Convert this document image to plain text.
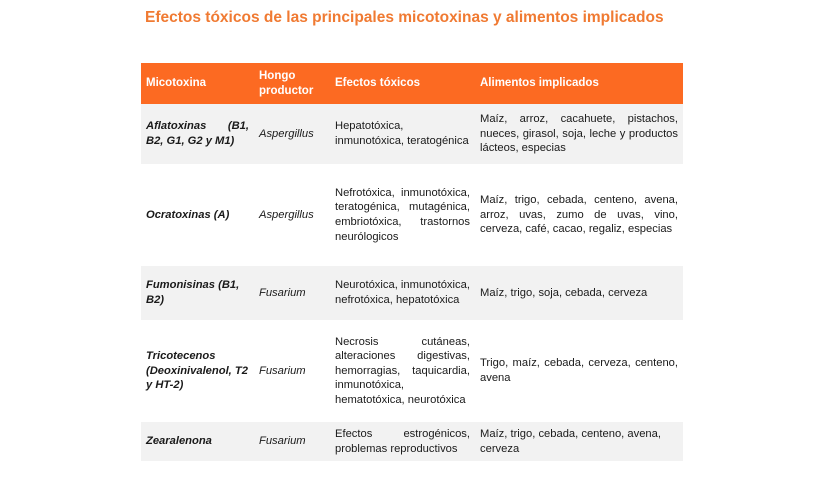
Efectos tóxicos de las principales micotoxinas y alimentos implicados
Micotoxina	Hongo productor	Efectos tóxicos	Alimentos implicados
Aflatoxinas (B1, B2, G1, G2 y M1)	Aspergillus	Hepatotóxica, inmunotóxica, teratogénica	Maíz, arroz, cacahuete, pistachos, nueces, girasol, soja, leche y productos lácteos, especias
Ocratoxinas (A)	Aspergillus	Nefrotóxica, inmunotóxica, teratogénica, mutagénica, embriotóxica, trastornos neurólogicos	Maíz, trigo, cebada, centeno, avena, arroz, uvas, zumo de uvas, vino, cerveza, café, cacao, regaliz, especias
Fumonisinas (B1, B2)	Fusarium	Neurotóxica, inmunotóxica, nefrotóxica, hepatotóxica	Maíz, trigo, soja, cebada, cerveza
Tricotecenos (Deoxinivalenol, T2 y HT-2)	Fusarium	Necrosis cutáneas, alteraciones digestivas, hemorragias, taquicardia, inmunotóxica, hematotóxica, neurotóxica	Trigo, maíz, cebada, cerveza, centeno, avena
Zearalenona	Fusarium	Efectos estrogénicos, problemas reproductivos	Maíz, trigo, cebada, centeno, avena, cerveza
